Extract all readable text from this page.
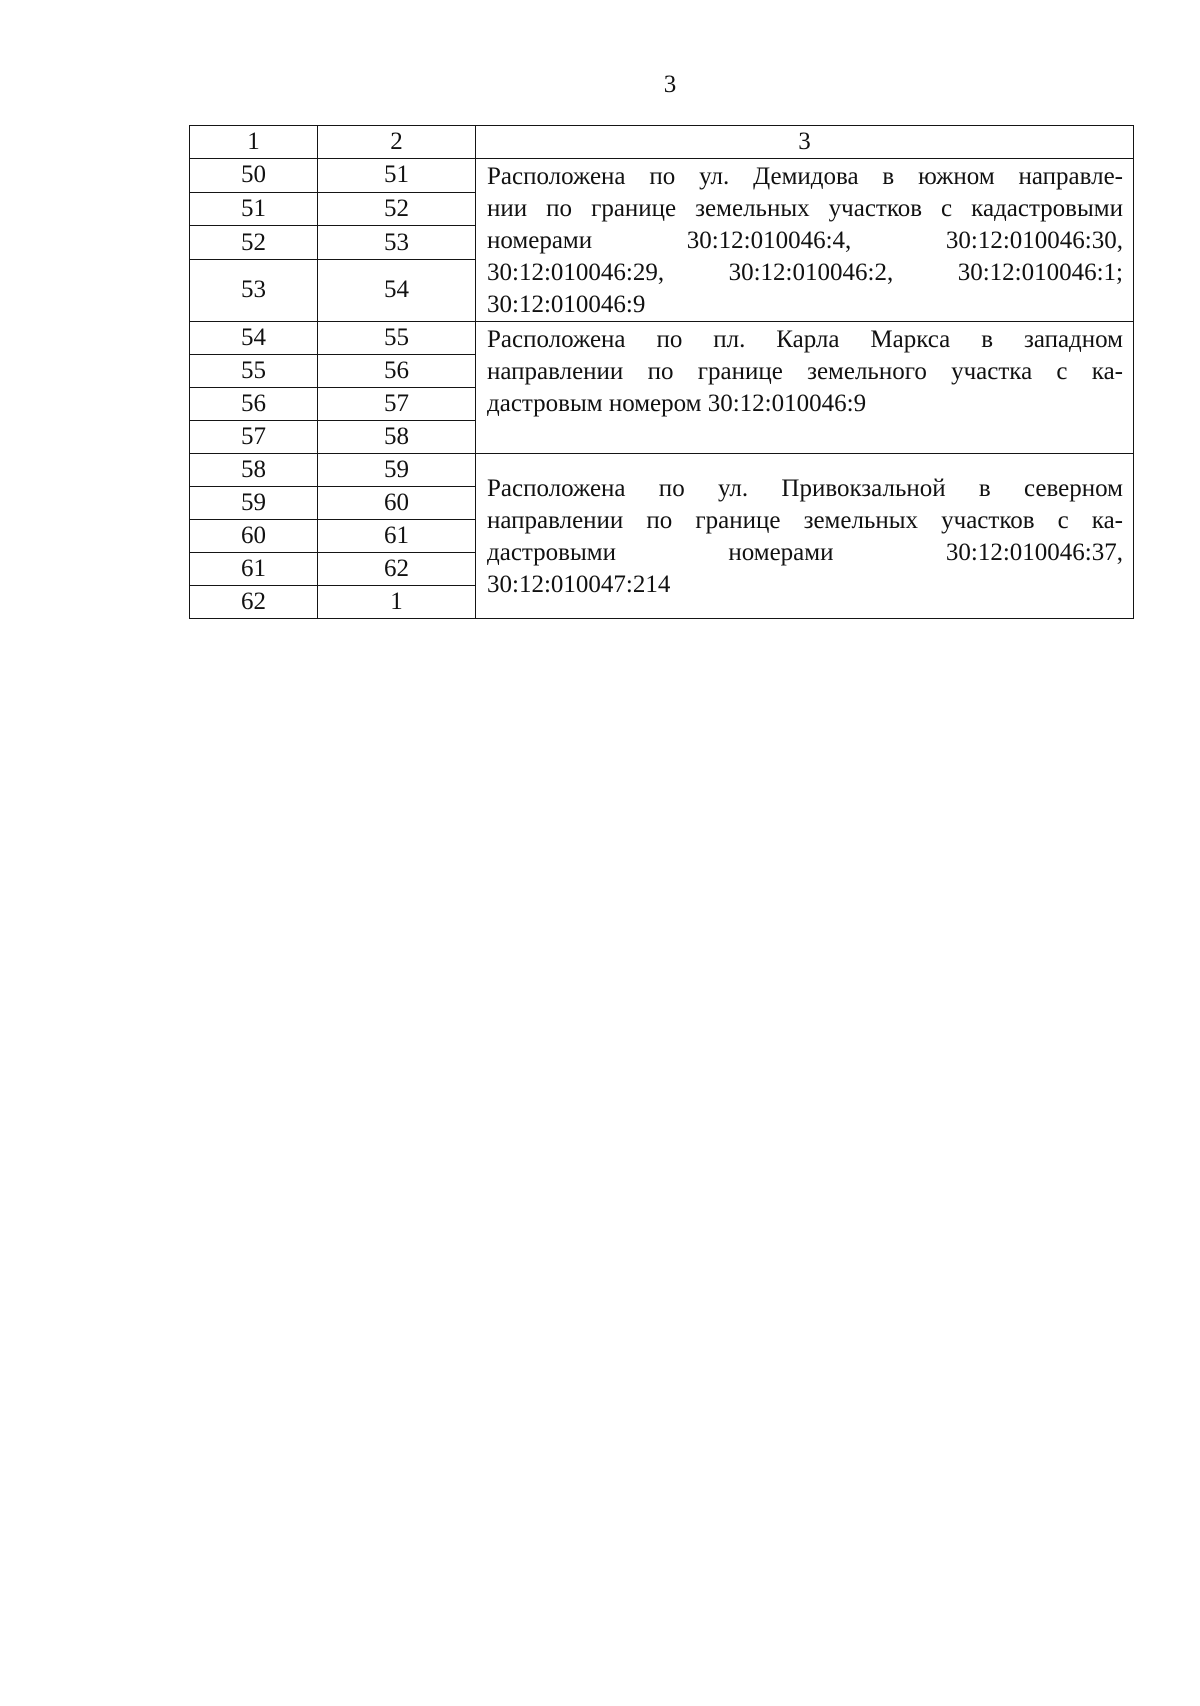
3
1	2	3
50	51	Расположена по ул. Демидова в южном направле-
нии по границе земельных участков с кадастровыми
номерами 30:12:010046:4, 30:12:010046:30,
30:12:010046:29, 30:12:010046:2, 30:12:010046:1;
30:12:010046:9

51	52	
52	53	
53	54	
54	55	Расположена по пл. Карла Маркса в западном
направлении по границе земельного участка с ка-
дастровым номером 30:12:010046:9

55	56	
56	57	
57	58	
58	59	Расположена по ул. Привокзальной в северном
направлении по границе земельных участков с ка-
дастровыми номерами 30:12:010046:37,
30:12:010047:214

59	60	
60	61	
61	62	
62	1	
